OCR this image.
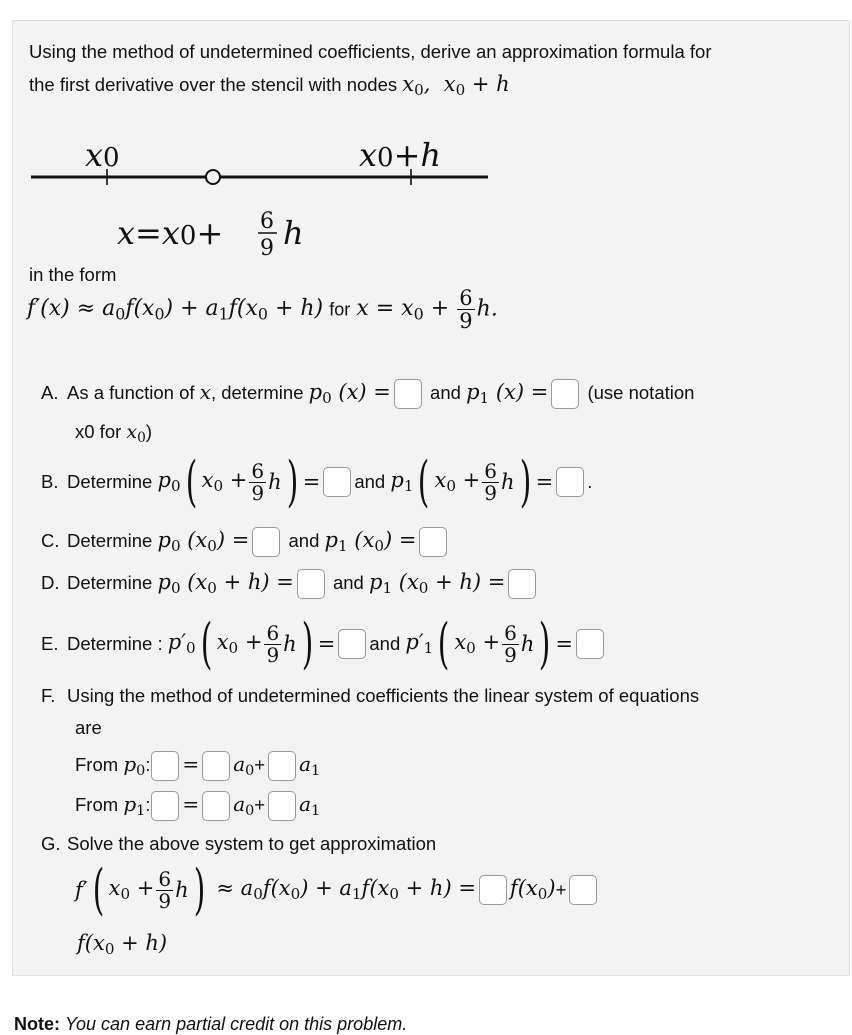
Using the method of undetermined coefficients, derive an approximation formula for
the first derivative over the stencil with nodes $x_0$,  $x_0 + h$
x0	x0+h
x=x0+ 6
9 h
in the form
$f'(x) \approx a_0f(x_0) + a_1f(x_0 + h)$ for $x = x_0 + \frac{6}{9} h$.
A. As a function of x, determine $p_0$ (x) = and $p_1$ (x) = (use notation
x0 for $x_0$)
B. Determine
$p_0$ ( $x_0 + \frac{6}{9}$ h ) = and
$p_1$ ( $x_0 + \frac{6}{9}$ h ) = .
C. Determine $p_0$ $(x_0)$ = and $p_1$ $(x_0)$ =
D. Determine $p_0$ $(x_0 + h)$ = and $p_1$ $(x_0 + h)$ =
E. Determine :
$p'_0$ ( $x_0 + \frac{6}{9}$ h ) = and
$p'_1$ ( $x_0 + \frac{6}{9}$ h ) =
F. Using the method of undetermined coefficients the linear system of equations
are
From $p_0$: = $a_0+ a_1$
From $p_1$: = $a_0+ a_1$
G. Solve the above system to get approximation
f′ ( $x_0 + \frac{6}{9}$ h ) ≈ $a_0f(x_0) + a_1f(x_0 + h) = f(x_0)$ +
$f(x_0 + h)$
Note: You can earn partial credit on this problem.
